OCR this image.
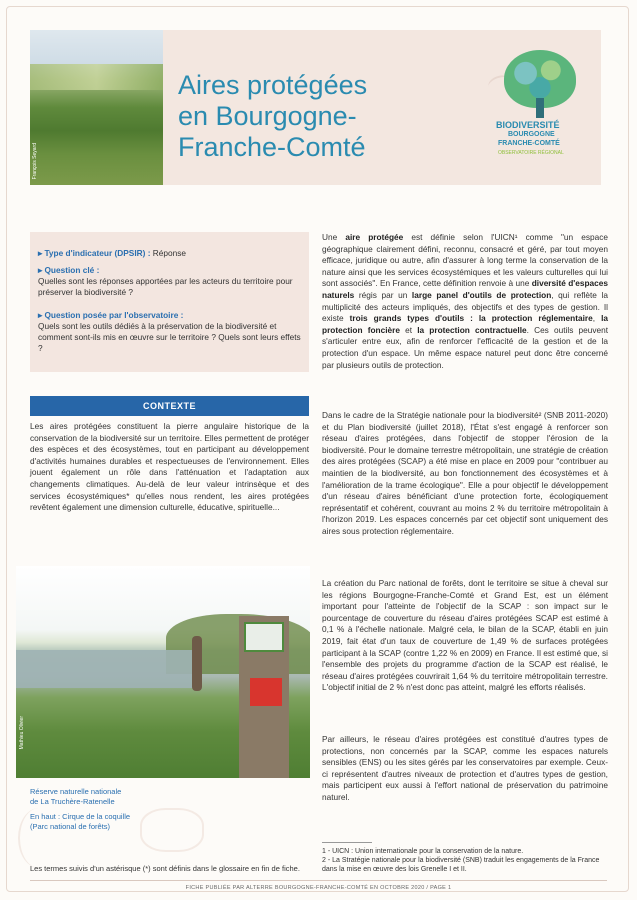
François Seyard
Aires protégées
en Bourgogne-
Franche-Comté
BIODIVERSITÉ
BOURGOGNE
FRANCHE-COMTÉ
OBSERVATOIRE RÉGIONAL
▸ Type d'indicateur (DPSIR) : Réponse
▸ Question clé :
Quelles sont les réponses apportées par les acteurs du territoire pour préserver la biodiversité ?
▸ Question posée par l'observatoire :
Quels sont les outils dédiés à la préservation de la biodiversité et comment sont-ils mis en œuvre sur le territoire ? Quels sont leurs effets ?
CONTEXTE
Les aires protégées constituent la pierre angulaire historique de la conservation de la biodiversité sur un territoire. Elles permettent de protéger des espèces et des écosystèmes, tout en participant au développement d'activités humaines durables et respectueuses de l'environnement. Elles jouent également un rôle dans l'atténuation et l'adaptation aux changements climatiques. Au-delà de leur valeur intrinsèque et des services écosystémiques* qu'elles nous rendent, les aires protégées revêtent également une dimension culturelle, éducative, spirituelle...
Mathieu Olivier
Réserve naturelle nationale
de La Truchère-Ratenelle
En haut : Cirque de la coquille
(Parc national de forêts)
Les termes suivis d'un astérisque (*) sont définis dans le glossaire en fin de fiche.
Une aire protégée est définie selon l'UICN¹ comme "un espace géographique clairement défini, reconnu, consacré et géré, par tout moyen efficace, juridique ou autre, afin d'assurer à long terme la conservation de la nature ainsi que les services écosystémiques et les valeurs culturelles qui lui sont associés". En France, cette définition renvoie à une diversité d'espaces naturels régis par un large panel d'outils de protection, qui reflète la multiplicité des acteurs impliqués, des objectifs et des types de gestion. Il existe trois grands types d'outils : la protection réglementaire, la protection foncière et la protection contractuelle. Ces outils peuvent s'articuler entre eux, afin de renforcer l'efficacité de la gestion et de la protection d'un espace. Un même espace naturel peut donc être concerné par plusieurs outils de protection.
Dans le cadre de la Stratégie nationale pour la biodiversité² (SNB 2011-2020) et du Plan biodiversité (juillet 2018), l'État s'est engagé à renforcer son réseau d'aires protégées, dans l'objectif de stopper l'érosion de la biodiversité. Pour le domaine terrestre métropolitain, une stratégie de création des aires protégées (SCAP) a été mise en place en 2009 pour "contribuer au maintien de la biodiversité, au bon fonctionnement des écosystèmes et à l'amélioration de la trame écologique". Elle a pour objectif le développement d'un réseau d'aires bénéficiant d'une protection forte, écologiquement représentatif et cohérent, couvrant au moins 2 % du territoire métropolitain à l'horizon 2019. Les espaces concernés par cet objectif sont uniquement des aires sous protection réglementaire.
La création du Parc national de forêts, dont le territoire se situe à cheval sur les régions Bourgogne-Franche-Comté et Grand Est, est un élément important pour l'atteinte de l'objectif de la SCAP : son impact sur le pourcentage de couverture du réseau d'aires protégées SCAP est estimé à 0,1 % à l'échelle nationale. Malgré cela, le bilan de la SCAP, établi en juin 2019, fait état d'un taux de couverture de 1,49 % de surfaces protégées participant à la SCAP (contre 1,22 % en 2009) en France. Il est estimé que, si l'ensemble des projets du programme d'action de la SCAP est réalisé, le réseau d'aires protégées couvrirait 1,64 % du territoire métropolitain terrestre. L'objectif initial de 2 % n'est donc pas atteint, malgré les efforts réalisés.
Par ailleurs, le réseau d'aires protégées est constitué d'autres types de protections, non concernés par la SCAP, comme les espaces naturels sensibles (ENS) ou les sites gérés par les conservatoires par exemple. Ceux-ci représentent d'autres niveaux de protection et d'autres types de gestion, mais participent eux aussi à l'effort national de préservation du patrimoine naturel.
1 - UICN : Union internationale pour la conservation de la nature.
2 - La Stratégie nationale pour la biodiversité (SNB) traduit les engagements de la France dans la mise en œuvre des lois Grenelle I et II.
FICHE PUBLIÉE PAR ALTERRE BOURGOGNE-FRANCHE-COMTÉ EN OCTOBRE 2020 / PAGE 1
